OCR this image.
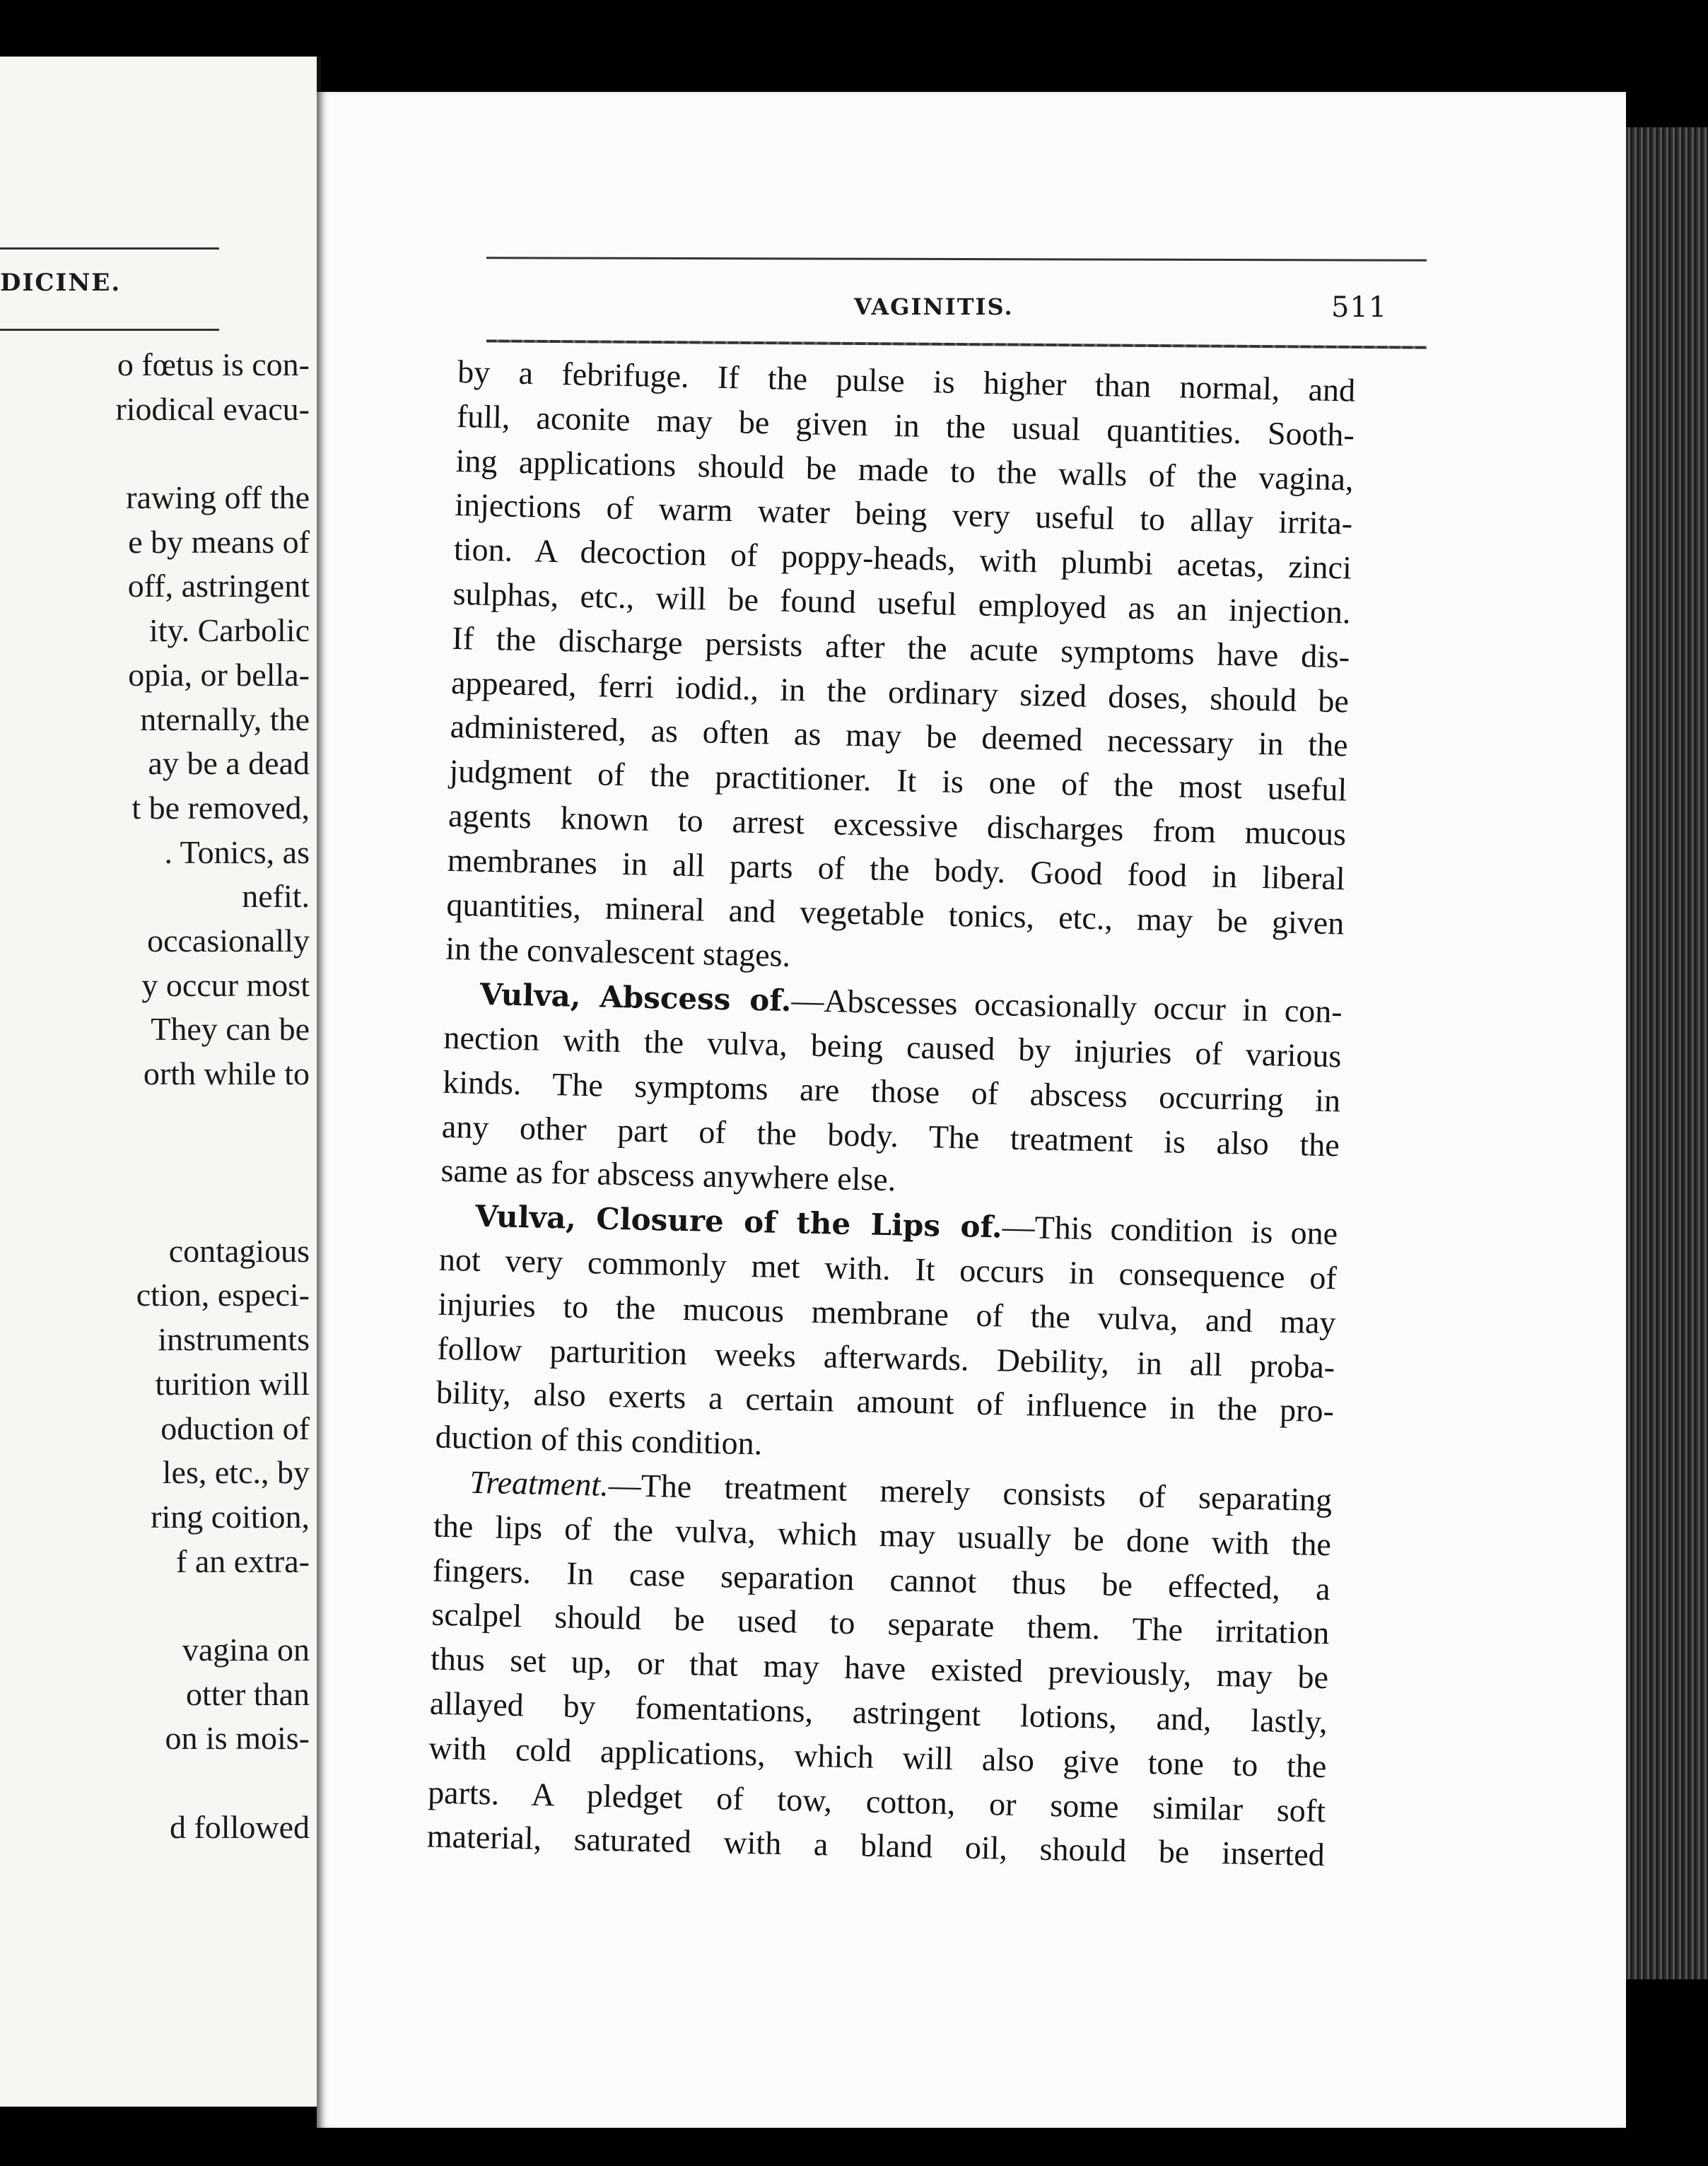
DICINE.
o fœtus is con-
riodical evacu-
rawing off the
e by means of
off, astringent
ity. Carbolic
opia, or bella-
nternally, the
ay be a dead
t be removed,
. Tonics, as
nefit.
occasionally
y occur most
They can be
orth while to
contagious
ction, especi-
instruments
turition will
oduction of
les, etc., by
ring coition,
f an extra-
vagina on
otter than
on is mois-
d followed
VAGINITIS.	511
by a febrifuge. If the pulse is higher than normal, and
full, aconite may be given in the usual quantities. Sooth-
ing applications should be made to the walls of the vagina,
injections of warm water being very useful to allay irrita-
tion. A decoction of poppy-heads, with plumbi acetas, zinci
sulphas, etc., will be found useful employed as an injection.
If the discharge persists after the acute symptoms have dis-
appeared, ferri iodid., in the ordinary sized doses, should be
administered, as often as may be deemed necessary in the
judgment of the practitioner. It is one of the most useful
agents known to arrest excessive discharges from mucous
membranes in all parts of the body. Good food in liberal
quantities, mineral and vegetable tonics, etc., may be given
in the convalescent stages.
Vulva, Abscess of.—Abscesses occasionally occur in con-
nection with the vulva, being caused by injuries of various
kinds. The symptoms are those of abscess occurring in
any other part of the body. The treatment is also the
same as for abscess anywhere else.
Vulva, Closure of the Lips of.—This condition is one
not very commonly met with. It occurs in consequence of
injuries to the mucous membrane of the vulva, and may
follow parturition weeks afterwards. Debility, in all proba-
bility, also exerts a certain amount of influence in the pro-
duction of this condition.
Treatment.—The treatment merely consists of separating
the lips of the vulva, which may usually be done with the
fingers. In case separation cannot thus be effected, a
scalpel should be used to separate them. The irritation
thus set up, or that may have existed previously, may be
allayed by fomentations, astringent lotions, and, lastly,
with cold applications, which will also give tone to the
parts. A pledget of tow, cotton, or some similar soft
material, saturated with a bland oil, should be inserted
